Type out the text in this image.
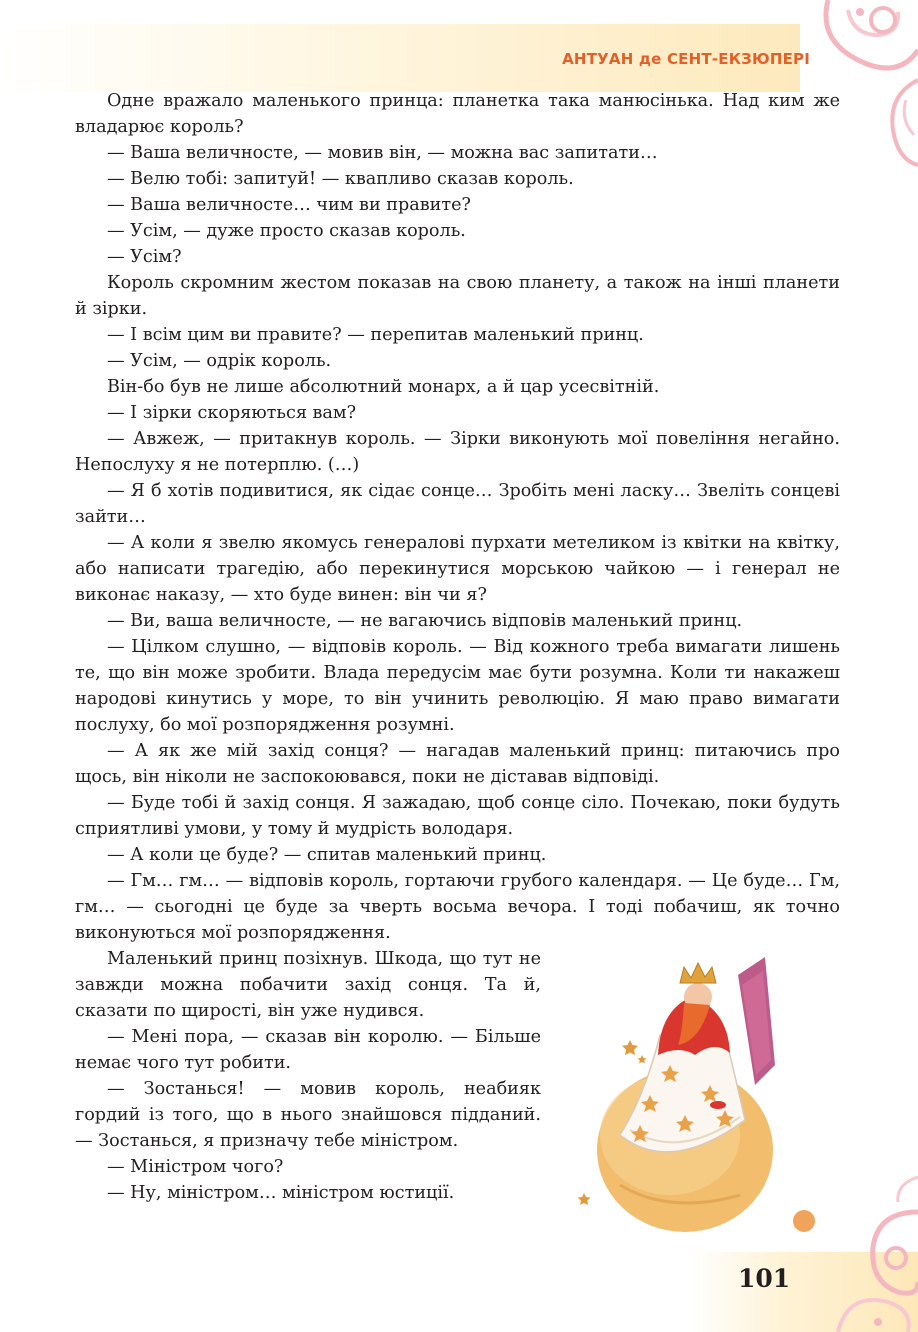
АНТУАН де СЕНТ-ЕКЗЮПЕРІ

Одне вражало маленького принца: планетка така манюсінька. Над ким же владарює король?

— Ваша величносте, — мовив він, — можна вас запитати…

— Велю тобі: запитуй! — квапливо сказав король.

— Ваша величносте… чим ви правите?

— Усім, — дуже просто сказав король.

— Усім?

Король скромним жестом показав на свою планету, а також на інші планети й зірки.

— І всім цим ви правите? — перепитав маленький принц.

— Усім, — одрік король.

Він-бо був не лише абсолютний монарх, а й цар усесвітній.

— І зірки скоряються вам?

— Авжеж, — притакнув король. — Зірки виконують мої повеління негайно. Непослуху я не потерплю. (…)

— Я б хотів подивитися, як сідає сонце… Зробіть мені ласку… Звеліть сонцеві зайти…

— А коли я звелю якомусь генералові пурхати метеликом із квітки на квітку, або написати трагедію, або перекинутися морською чайкою — і генерал не виконає наказу, — хто буде винен: він чи я?

— Ви, ваша величносте, — не вагаючись відповів маленький принц.

— Цілком слушно, — відповів король. — Від кожного треба вимагати лишень те, що він може зробити. Влада передусім має бути розумна. Коли ти накажеш народові кинутись у море, то він учинить революцію. Я маю право вимагати послуху, бо мої розпорядження розумні.

— А як же мій захід сонця? — нагадав маленький принц: питаючись про щось, він ніколи не заспокоювався, поки не діставав відповіді.

— Буде тобі й захід сонця. Я зажадаю, щоб сонце сіло. Почекаю, поки будуть сприятливі умови, у тому й мудрість володаря.

— А коли це буде? — спитав маленький принц.

— Гм… гм… — відповів король, гортаючи грубого календаря. — Це буде… Гм, гм… — сьогодні це буде за чверть восьма вечора. І тоді побачиш, як точно виконуються мої розпорядження.

Маленький принц позіхнув. Шкода, що тут не завжди можна побачити захід сонця. Та й, сказати по щирості, він уже нудився.

— Мені пора, — сказав він королю. — Більше немає чого тут робити.

— Зостанься! — мовив король, неабияк гордий із того, що в нього знайшовся підданий. — Зостанься, я призначу тебе міністром.

— Міністром чого?

— Ну, міністром… міністром юстиції.

101
